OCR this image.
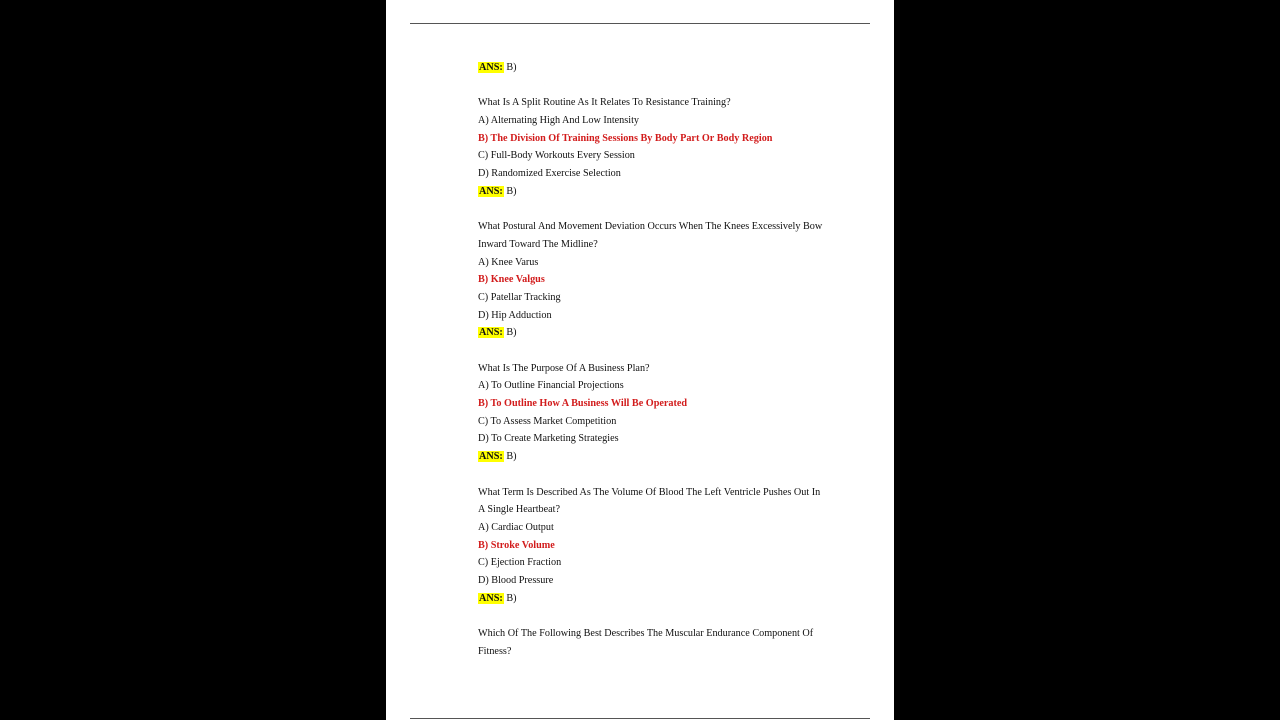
ANS: B)
What Is A Split Routine As It Relates To Resistance Training?
A) Alternating High And Low Intensity
B) The Division Of Training Sessions By Body Part Or Body Region
C) Full-Body Workouts Every Session
D) Randomized Exercise Selection
ANS: B)
What Postural And Movement Deviation Occurs When The Knees Excessively Bow
Inward Toward The Midline?
A) Knee Varus
B) Knee Valgus
C) Patellar Tracking
D) Hip Adduction
ANS: B)
What Is The Purpose Of A Business Plan?
A) To Outline Financial Projections
B) To Outline How A Business Will Be Operated
C) To Assess Market Competition
D) To Create Marketing Strategies
ANS: B)
What Term Is Described As The Volume Of Blood The Left Ventricle Pushes Out In
A Single Heartbeat?
A) Cardiac Output
B) Stroke Volume
C) Ejection Fraction
D) Blood Pressure
ANS: B)
Which Of The Following Best Describes The Muscular Endurance Component Of
Fitness?
